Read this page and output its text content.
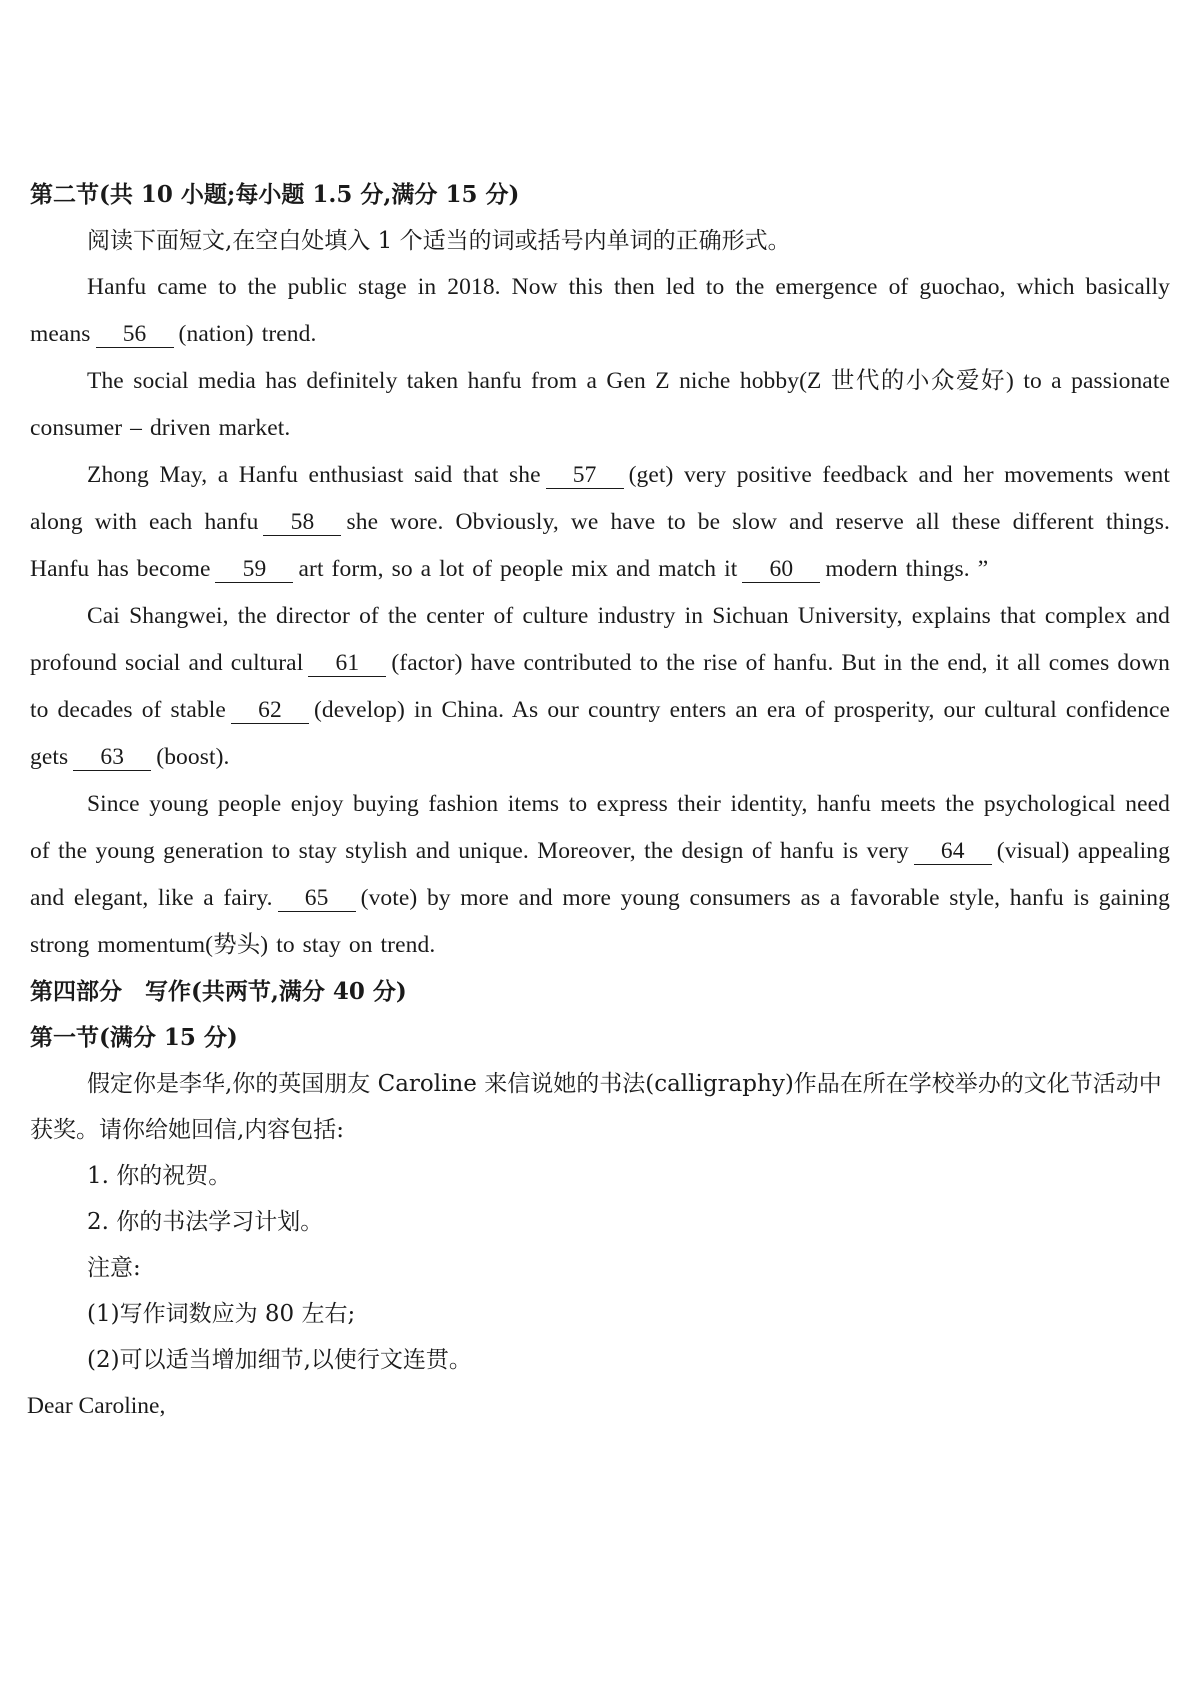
第二节(共 10 小题;每小题 1.5 分,满分 15 分)

阅读下面短文,在空白处填入 1 个适当的词或括号内单词的正确形式。

Hanfu came to the public stage in 2018. Now this then led to the emergence of guochao, which basically means 56 (nation) trend.

The social media has definitely taken hanfu from a Gen Z niche hobby(Z 世代的小众爱好) to a passionate consumer – driven market.

Zhong May, a Hanfu enthusiast said that she 57 (get) very positive feedback and her movements went along with each hanfu 58 she wore. Obviously, we have to be slow and reserve all these different things. Hanfu has become 59 art form, so a lot of people mix and match it 60 modern things. ”

Cai Shangwei, the director of the center of culture industry in Sichuan University, explains that complex and profound social and cultural 61 (factor) have contributed to the rise of hanfu. But in the end, it all comes down to decades of stable 62 (develop) in China. As our country enters an era of prosperity, our cultural confidence gets 63 (boost).

Since young people enjoy buying fashion items to express their identity, hanfu meets the psychological need of the young generation to stay stylish and unique. Moreover, the design of hanfu is very 64 (visual) appealing and elegant, like a fairy. 65 (vote) by more and more young consumers as a favorable style, hanfu is gaining strong momentum(势头) to stay on trend.

第四部分　写作(共两节,满分 40 分)

第一节(满分 15 分)

假定你是李华,你的英国朋友 Caroline 来信说她的书法(calligraphy)作品在所在学校举办的文化节活动中获奖。请你给她回信,内容包括:

1. 你的祝贺。

2. 你的书法学习计划。

注意:

(1)写作词数应为 80 左右;

(2)可以适当增加细节,以使行文连贯。

Dear Caroline,
